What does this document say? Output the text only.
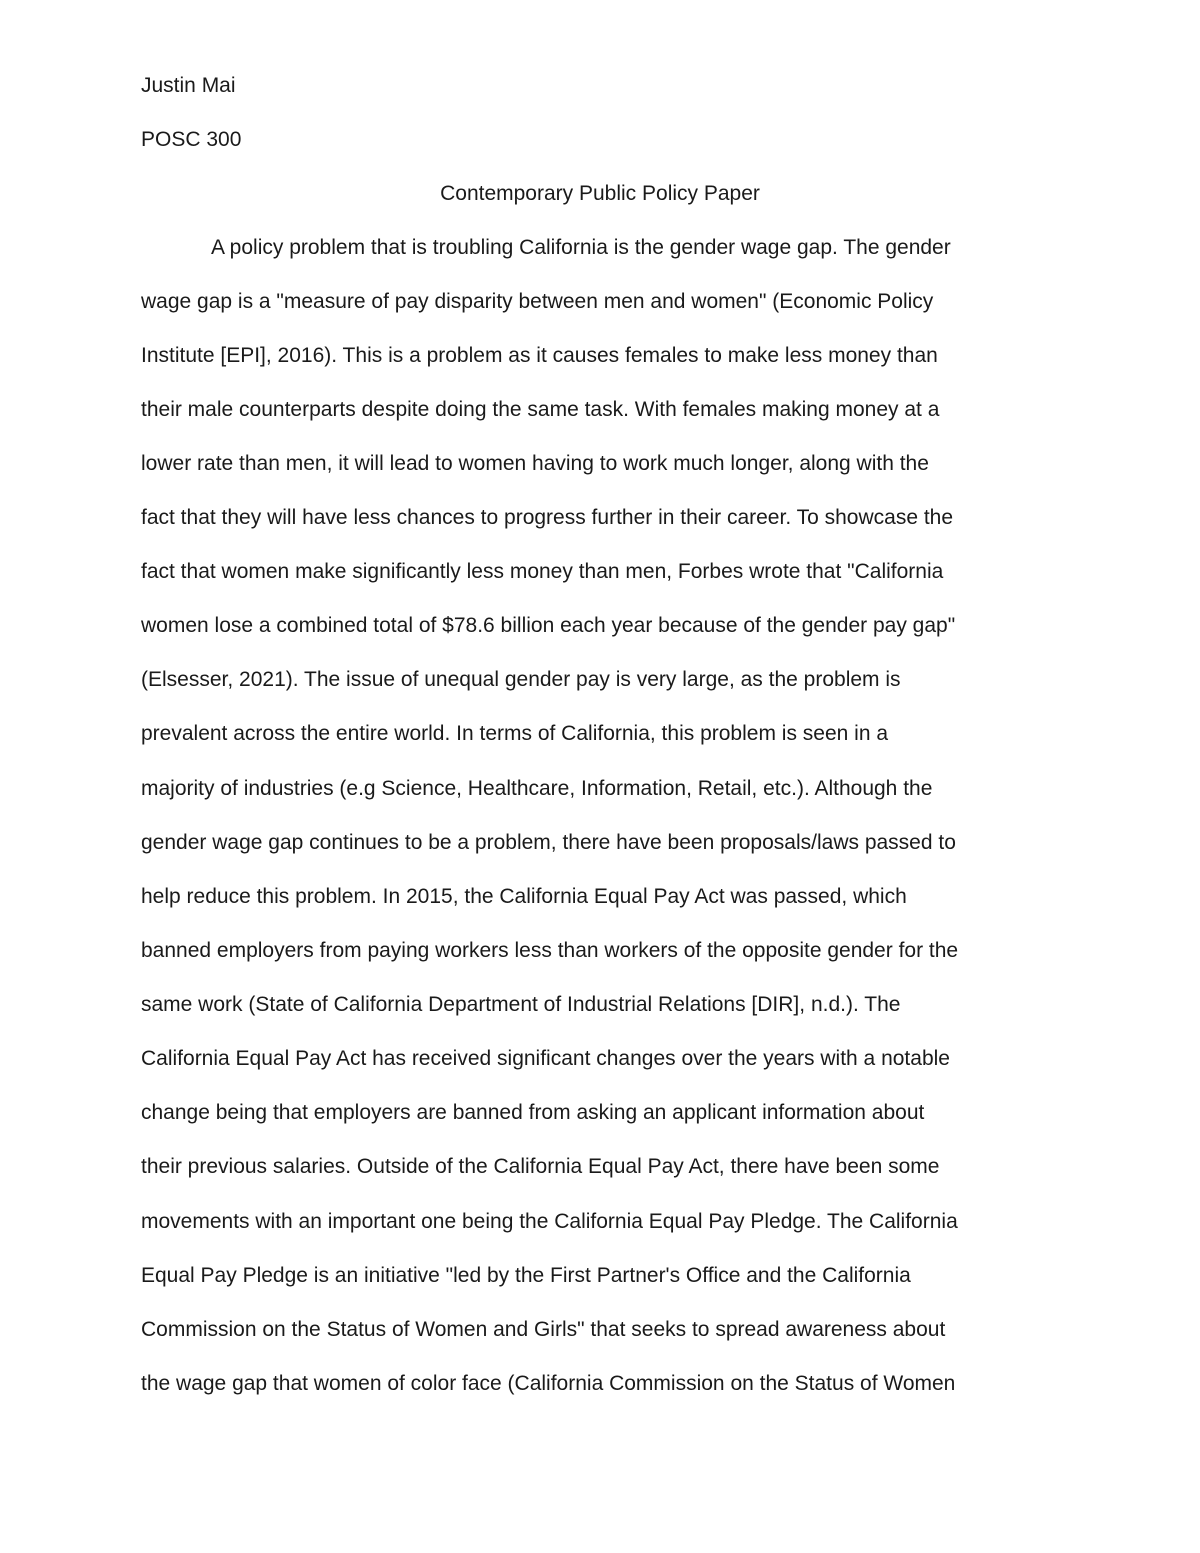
Justin Mai
POSC 300
Contemporary Public Policy Paper
A policy problem that is troubling California is the gender wage gap. The gender
wage gap is a "measure of pay disparity between men and women" (Economic Policy
Institute [EPI], 2016). This is a problem as it causes females to make less money than
their male counterparts despite doing the same task. With females making money at a
lower rate than men, it will lead to women having to work much longer, along with the
fact that they will have less chances to progress further in their career. To showcase the
fact that women make significantly less money than men, Forbes wrote that "California
women lose a combined total of $78.6 billion each year because of the gender pay gap"
(Elsesser, 2021). The issue of unequal gender pay is very large, as the problem is
prevalent across the entire world. In terms of California, this problem is seen in a
majority of industries (e.g Science, Healthcare, Information, Retail, etc.). Although the
gender wage gap continues to be a problem, there have been proposals/laws passed to
help reduce this problem. In 2015, the California Equal Pay Act was passed, which
banned employers from paying workers less than workers of the opposite gender for the
same work (State of California Department of Industrial Relations [DIR], n.d.). The
California Equal Pay Act has received significant changes over the years with a notable
change being that employers are banned from asking an applicant information about
their previous salaries. Outside of the California Equal Pay Act, there have been some
movements with an important one being the California Equal Pay Pledge. The California
Equal Pay Pledge is an initiative "led by the First Partner's Office and the California
Commission on the Status of Women and Girls" that seeks to spread awareness about
the wage gap that women of color face (California Commission on the Status of Women
